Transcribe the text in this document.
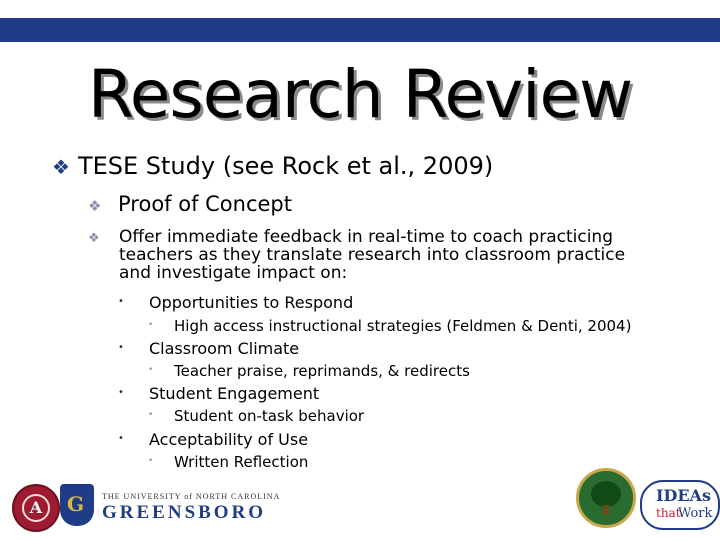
Research Review
❖ TESE Study (see Rock et al., 2009)
❖ Proof of Concept
❖ Offer immediate feedback in real-time to coach practicing teachers as they translate research into classroom practice and investigate impact on:
• Opportunities to Respond
• High access instructional strategies (Feldmen & Denti, 2004)
• Classroom Climate
• Teacher praise, reprimands, & redirects
• Student Engagement
• Student on-task behavior
• Acceptability of Use
• Written Reflection
A	G	THE UNIVERSITY of NORTH CAROLINA
GREENSBORO
IDEAs
that
Work
